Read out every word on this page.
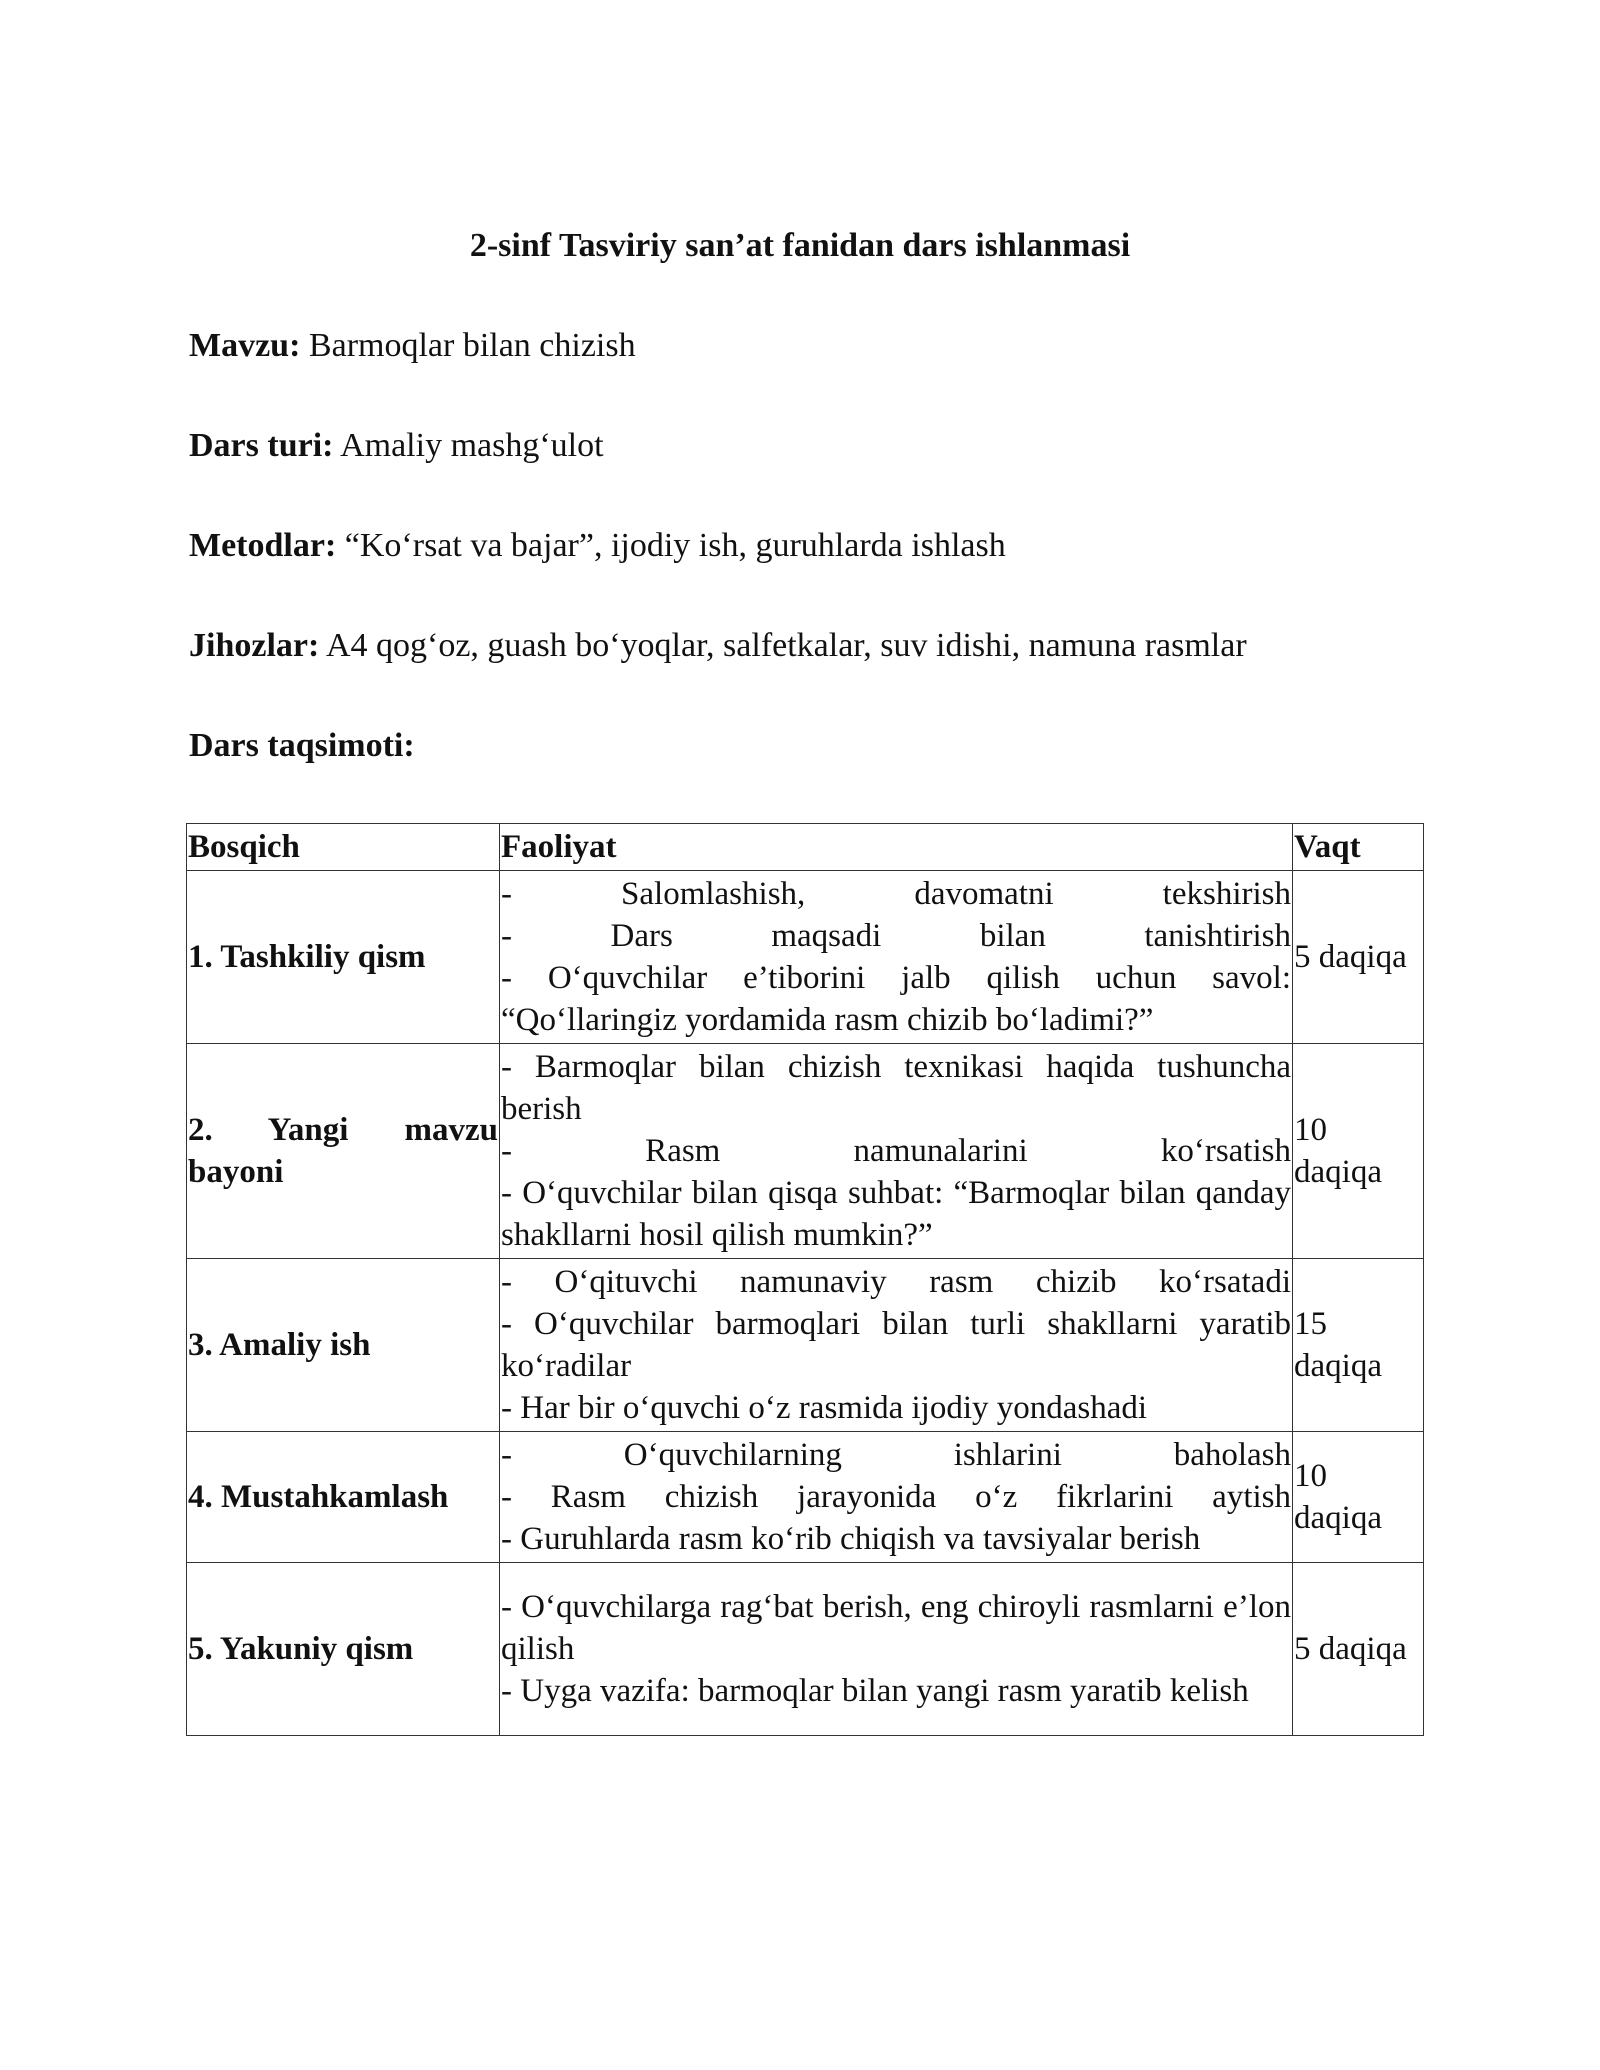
2-sinf Tasviriy san’at fanidan dars ishlanmasi
Mavzu: Barmoqlar bilan chizish
Dars turi: Amaliy mashg‘ulot
Metodlar: “Ko‘rsat va bajar”, ijodiy ish, guruhlarda ishlash
Jihozlar: A4 qog‘oz, guash bo‘yoqlar, salfetkalar, suv idishi, namuna rasmlar
Dars taqsimoti:
Bosqich	Faoliyat	Vaqt
1. Tashkiliy qism	- Salomlashish, davomatni tekshirish
- Dars maqsadi bilan tanishtirish
- O‘quvchilar e’tiborini jalb qilish uchun savol: “Qo‘llaringiz yordamida rasm chizib bo‘ladimi?”	5 daqiqa
2. Yangi mavzu bayoni	- Barmoqlar bilan chizish texnikasi haqida tushuncha berish
- Rasm namunalarini ko‘rsatish
- O‘quvchilar bilan qisqa suhbat: “Barmoqlar bilan qanday shakllarni hosil qilish mumkin?”	10 daqiqa
3. Amaliy ish	- O‘qituvchi namunaviy rasm chizib ko‘rsatadi
- O‘quvchilar barmoqlari bilan turli shakllarni yaratib ko‘radilar
- Har bir o‘quvchi o‘z rasmida ijodiy yondashadi	15 daqiqa
4. Mustahkamlash	- O‘quvchilarning ishlarini baholash
- Rasm chizish jarayonida o‘z fikrlarini aytish
- Guruhlarda rasm ko‘rib chiqish va tavsiyalar berish	10 daqiqa
5. Yakuniy qism	- O‘quvchilarga rag‘bat berish, eng chiroyli rasmlarni e’lon qilish
- Uyga vazifa: barmoqlar bilan yangi rasm yaratib kelish	5 daqiqa
